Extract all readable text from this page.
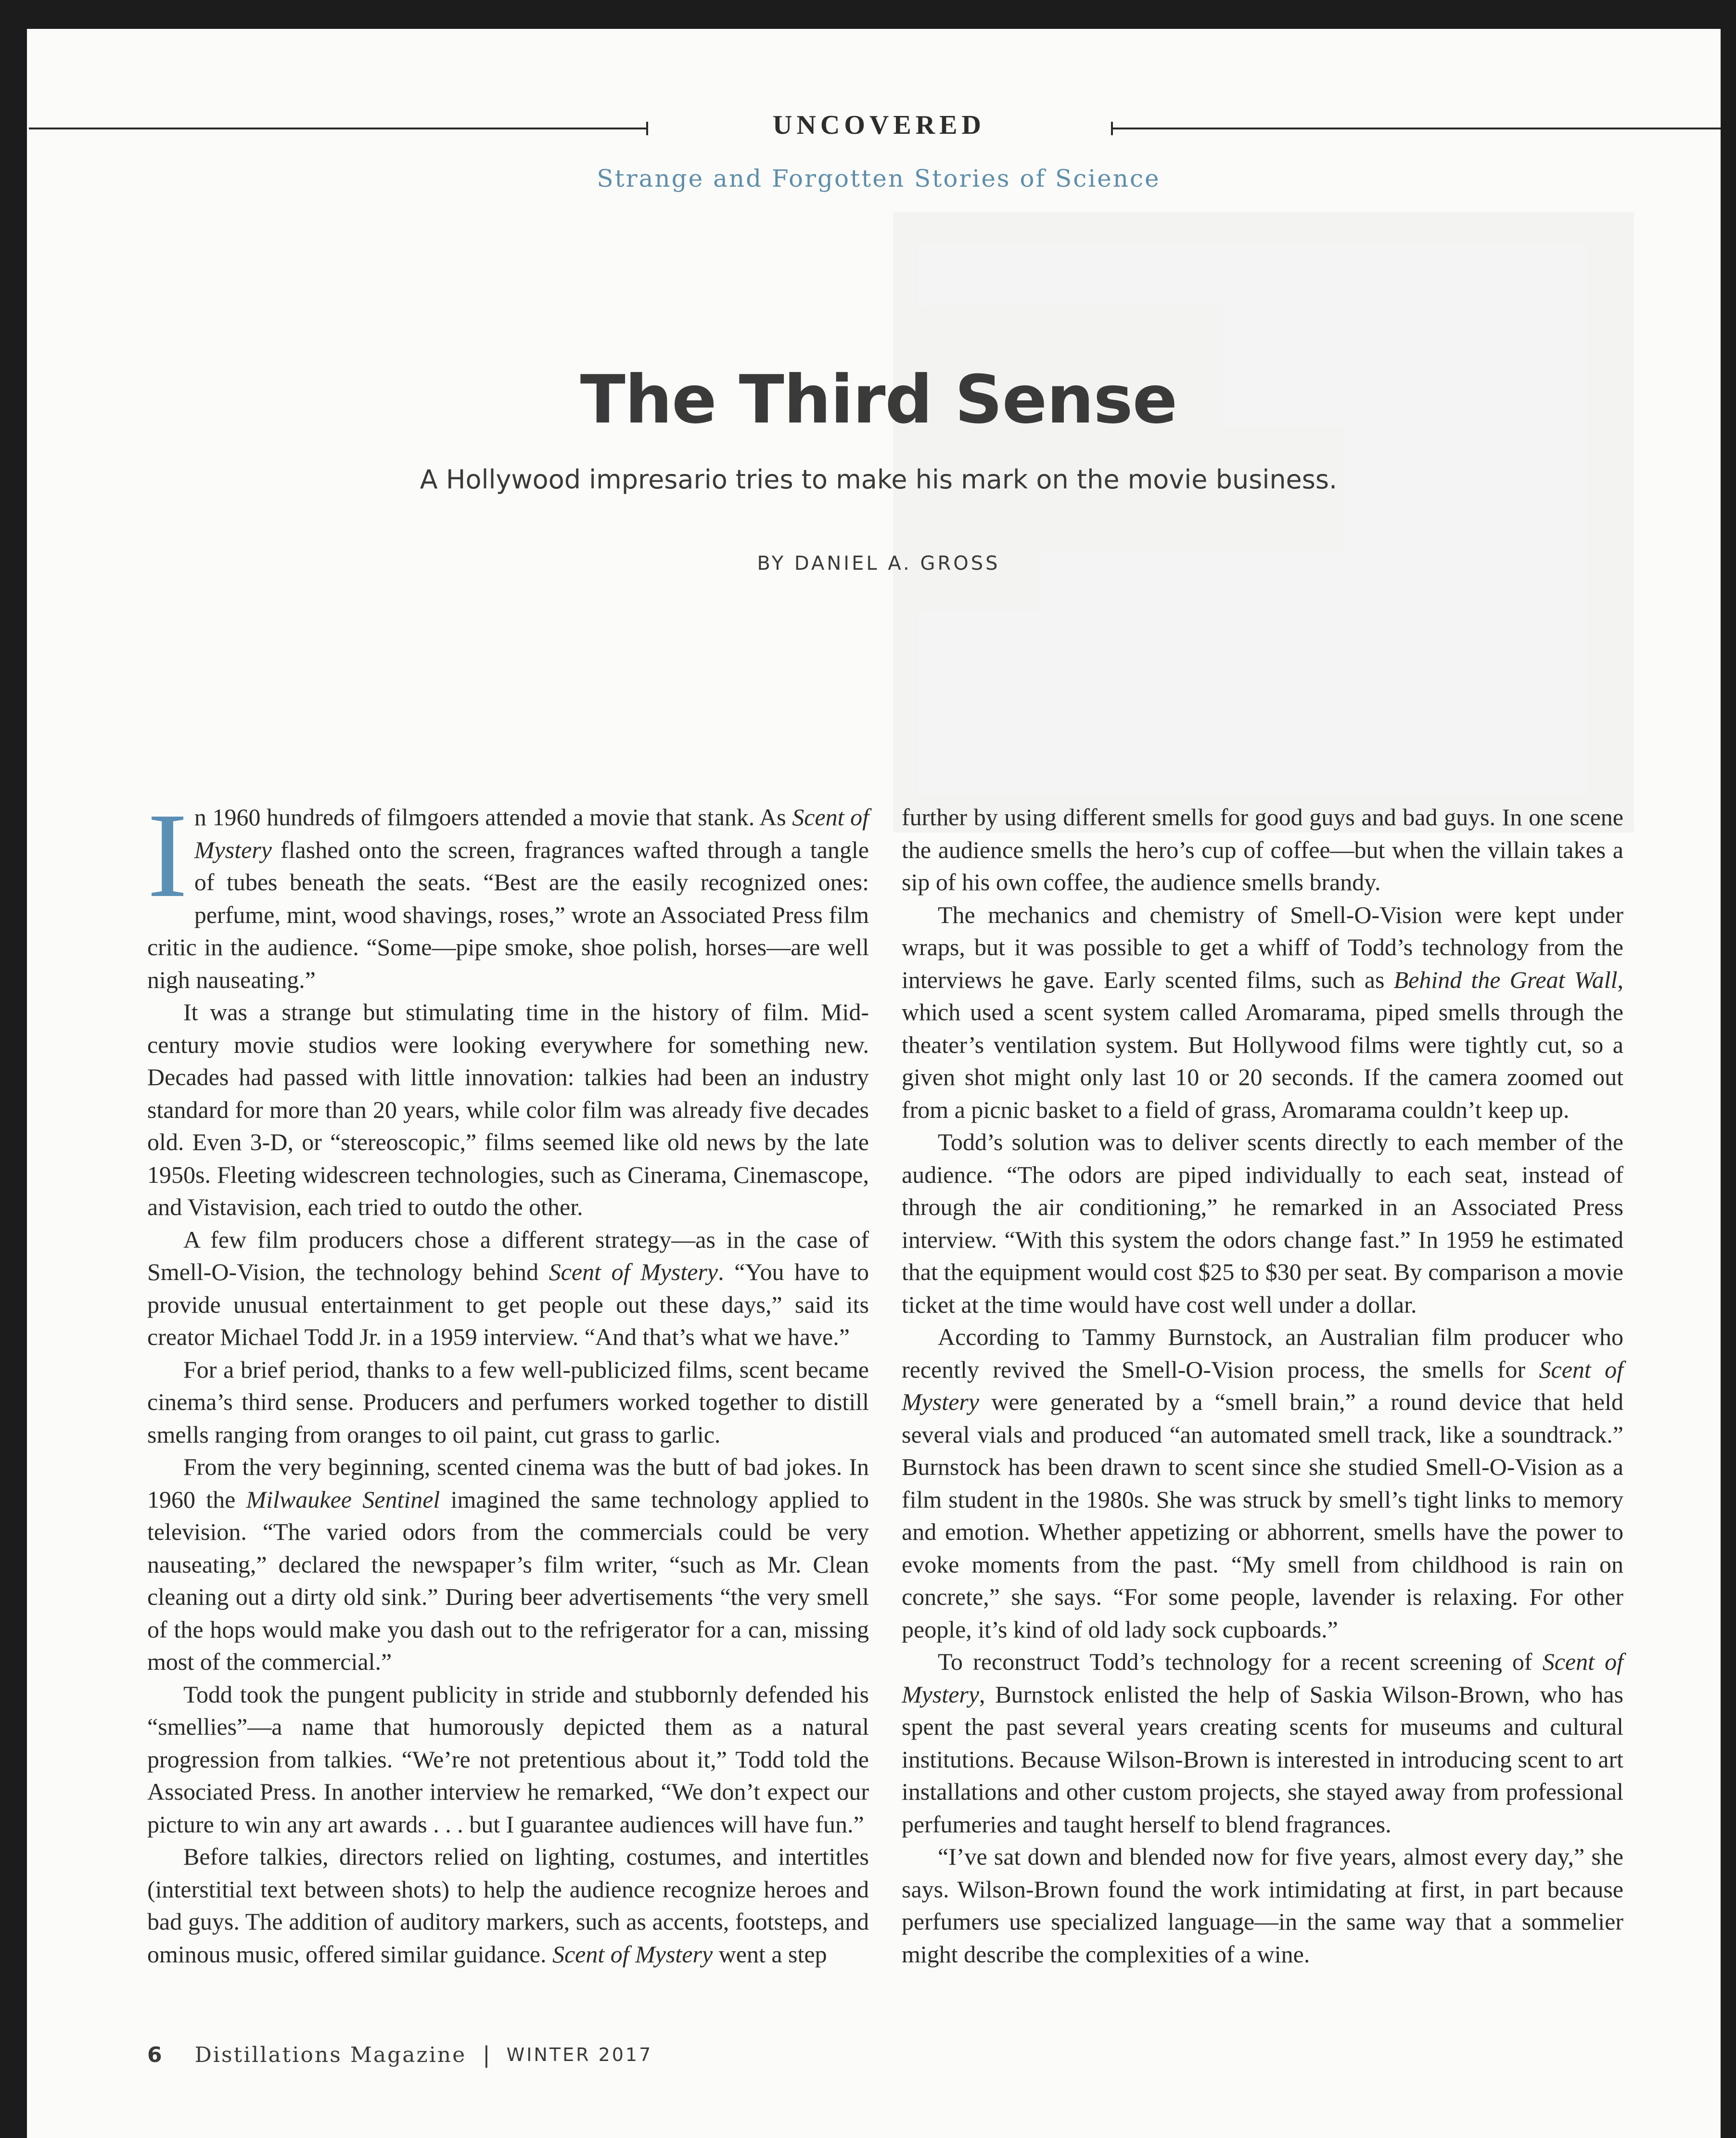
UNCOVERED
Strange and Forgotten Stories of Science
The Third Sense
A Hollywood impresario tries to make his mark on the movie business.
BY DANIEL A. GROSS

In 1960 hundreds of filmgoers attended a movie that stank. As Scent of Mystery flashed onto the screen, fragrances wafted through a tangle of tubes beneath the seats. “Best are the easily recognized ones: perfume, mint, wood shavings, roses,” wrote an Associated Press film critic in the audience. “Some—pipe smoke, shoe polish, horses—are well nigh nauseating.”

It was a strange but stimulating time in the history of film. Mid-century movie studios were looking everywhere for something new. Decades had passed with little innovation: talkies had been an industry standard for more than 20 years, while color film was already five decades old. Even 3-D, or “stereoscopic,” films seemed like old news by the late 1950s. Fleeting widescreen technologies, such as Cinerama, Cinemascope, and Vistavision, each tried to outdo the other.

A few film producers chose a different strategy—as in the case of Smell-O-Vision, the technology behind Scent of Mystery. “You have to provide unusual entertainment to get people out these days,” said its creator Michael Todd Jr. in a 1959 interview. “And that’s what we have.”

For a brief period, thanks to a few well-publicized films, scent became cinema’s third sense. Producers and perfumers worked together to distill smells ranging from oranges to oil paint, cut grass to garlic.

From the very beginning, scented cinema was the butt of bad jokes. In 1960 the Milwaukee Sentinel imagined the same technology applied to television. “The varied odors from the commercials could be very nauseating,” declared the newspaper’s film writer, “such as Mr. Clean cleaning out a dirty old sink.” During beer advertisements “the very smell of the hops would make you dash out to the refrigerator for a can, missing most of the commercial.”

Todd took the pungent publicity in stride and stubbornly defended his “smellies”—a name that humorously depicted them as a natural progression from talkies. “We’re not pretentious about it,” Todd told the Associated Press. In another interview he remarked, “We don’t expect our picture to win any art awards . . . but I guarantee audiences will have fun.”

Before talkies, directors relied on lighting, costumes, and intertitles (interstitial text between shots) to help the audience recognize heroes and bad guys. The addition of auditory markers, such as accents, footsteps, and ominous music, offered similar guidance. Scent of Mystery went a step

further by using different smells for good guys and bad guys. In one scene the audience smells the hero’s cup of coffee—but when the villain takes a sip of his own coffee, the audience smells brandy.

The mechanics and chemistry of Smell-O-Vision were kept under wraps, but it was possible to get a whiff of Todd’s technology from the interviews he gave. Early scented films, such as Behind the Great Wall, which used a scent system called Aromarama, piped smells through the theater’s ventilation system. But Hollywood films were tightly cut, so a given shot might only last 10 or 20 seconds. If the camera zoomed out from a picnic basket to a field of grass, Aromarama couldn’t keep up.

Todd’s solution was to deliver scents directly to each member of the audience. “The odors are piped individually to each seat, instead of through the air conditioning,” he remarked in an Associated Press interview. “With this system the odors change fast.” In 1959 he estimated that the equipment would cost $25 to $30 per seat. By comparison a movie ticket at the time would have cost well under a dollar.

According to Tammy Burnstock, an Australian film producer who recently revived the Smell-O-Vision process, the smells for Scent of Mystery were generated by a “smell brain,” a round device that held several vials and produced “an automated smell track, like a soundtrack.” Burnstock has been drawn to scent since she studied Smell-O-Vision as a film student in the 1980s. She was struck by smell’s tight links to memory and emotion. Whether appetizing or abhorrent, smells have the power to evoke moments from the past. “My smell from childhood is rain on concrete,” she says. “For some people, lavender is relaxing. For other people, it’s kind of old lady sock cupboards.”

To reconstruct Todd’s technology for a recent screening of Scent of Mystery, Burnstock enlisted the help of Saskia Wilson-Brown, who has spent the past several years creating scents for museums and cultural institutions. Because Wilson-Brown is interested in introducing scent to art installations and other custom projects, she stayed away from professional perfumeries and taught herself to blend fragrances.

“I’ve sat down and blended now for five years, almost every day,” she says. Wilson-Brown found the work intimidating at first, in part because perfumers use specialized language—in the same way that a sommelier might describe the complexities of a wine.

6 Distillations Magazine | WINTER 2017
